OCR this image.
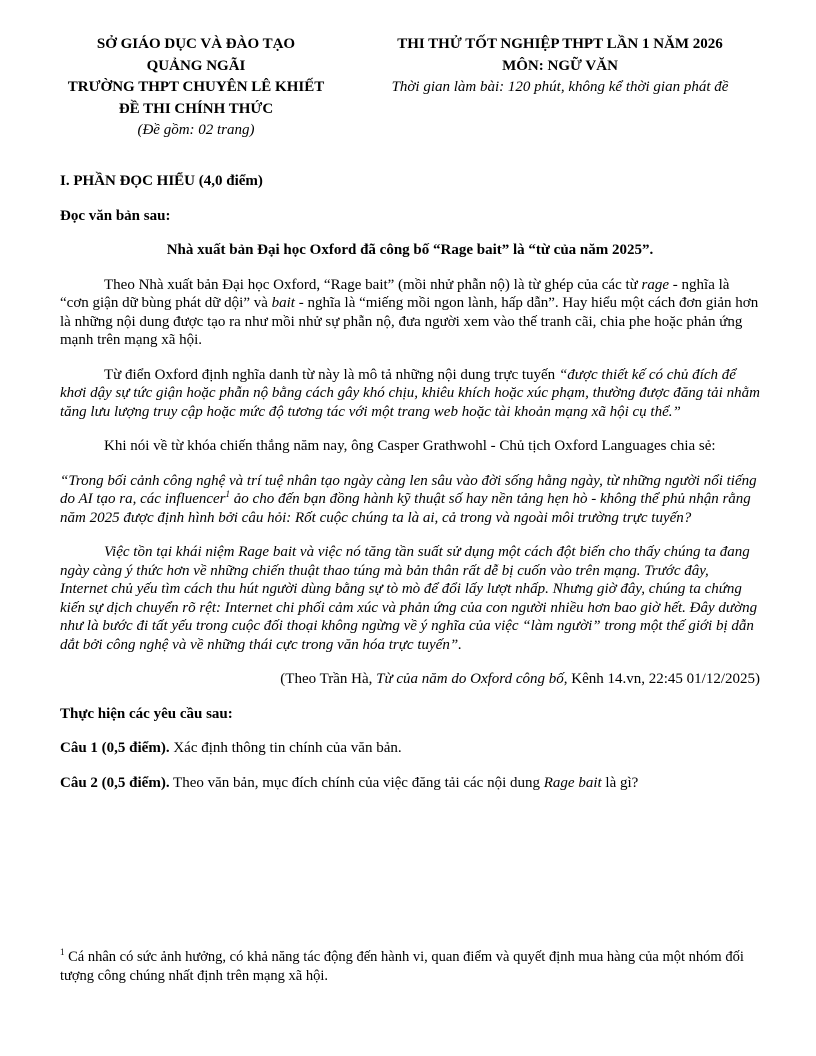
SỞ GIÁO DỤC VÀ ĐÀO TẠO
QUẢNG NGÃI
TRƯỜNG THPT CHUYÊN LÊ KHIẾT
ĐỀ THI CHÍNH THỨC
(Đề gồm: 02 trang)
THI THỬ TỐT NGHIỆP THPT LẦN 1 NĂM 2026
MÔN: NGỮ VĂN
Thời gian làm bài: 120 phút, không kể thời gian phát đề

I. PHẦN ĐỌC HIỂU (4,0 điểm)

Đọc văn bản sau:

Nhà xuất bản Đại học Oxford đã công bố “Rage bait” là “từ của năm 2025”.

Theo Nhà xuất bản Đại học Oxford, “Rage bait” (mồi nhử phẫn nộ) là từ ghép của các từ rage - nghĩa là “cơn giận dữ bùng phát dữ dội” và bait - nghĩa là “miếng mồi ngon lành, hấp dẫn”. Hay hiểu một cách đơn giản hơn là những nội dung được tạo ra như mồi nhử sự phẫn nộ, đưa người xem vào thế tranh cãi, chia phe hoặc phản ứng mạnh trên mạng xã hội.

Từ điển Oxford định nghĩa danh từ này là mô tả những nội dung trực tuyến “được thiết kế có chủ đích để khơi dậy sự tức giận hoặc phẫn nộ bằng cách gây khó chịu, khiêu khích hoặc xúc phạm, thường được đăng tải nhằm tăng lưu lượng truy cập hoặc mức độ tương tác với một trang web hoặc tài khoản mạng xã hội cụ thể.”

Khi nói về từ khóa chiến thắng năm nay, ông Casper Grathwohl - Chủ tịch Oxford Languages chia sẻ:

“Trong bối cảnh công nghệ và trí tuệ nhân tạo ngày càng len sâu vào đời sống hằng ngày, từ những người nổi tiếng do AI tạo ra, các influencer$^1$ ảo cho đến bạn đồng hành kỹ thuật số hay nền tảng hẹn hò - không thể phủ nhận rằng năm 2025 được định hình bởi câu hỏi: Rốt cuộc chúng ta là ai, cả trong và ngoài môi trường trực tuyến?

Việc tồn tại khái niệm Rage bait và việc nó tăng tần suất sử dụng một cách đột biến cho thấy chúng ta đang ngày càng ý thức hơn về những chiến thuật thao túng mà bản thân rất dễ bị cuốn vào trên mạng. Trước đây, Internet chủ yếu tìm cách thu hút người dùng bằng sự tò mò để đổi lấy lượt nhấp. Nhưng giờ đây, chúng ta chứng kiến sự dịch chuyển rõ rệt: Internet chi phối cảm xúc và phản ứng của con người nhiều hơn bao giờ hết. Đây dường như là bước đi tất yếu trong cuộc đối thoại không ngừng về ý nghĩa của việc “làm người” trong một thế giới bị dẫn dắt bởi công nghệ và về những thái cực trong văn hóa trực tuyến”.

(Theo Trần Hà, Từ của năm do Oxford công bố, Kênh 14.vn, 22:45 01/12/2025)

Thực hiện các yêu cầu sau:

Câu 1 (0,5 điểm). Xác định thông tin chính của văn bản.

Câu 2 (0,5 điểm). Theo văn bản, mục đích chính của việc đăng tải các nội dung Rage bait là gì?

$^1$ Cá nhân có sức ảnh hưởng, có khả năng tác động đến hành vi, quan điểm và quyết định mua hàng của một nhóm đối tượng công chúng nhất định trên mạng xã hội.
